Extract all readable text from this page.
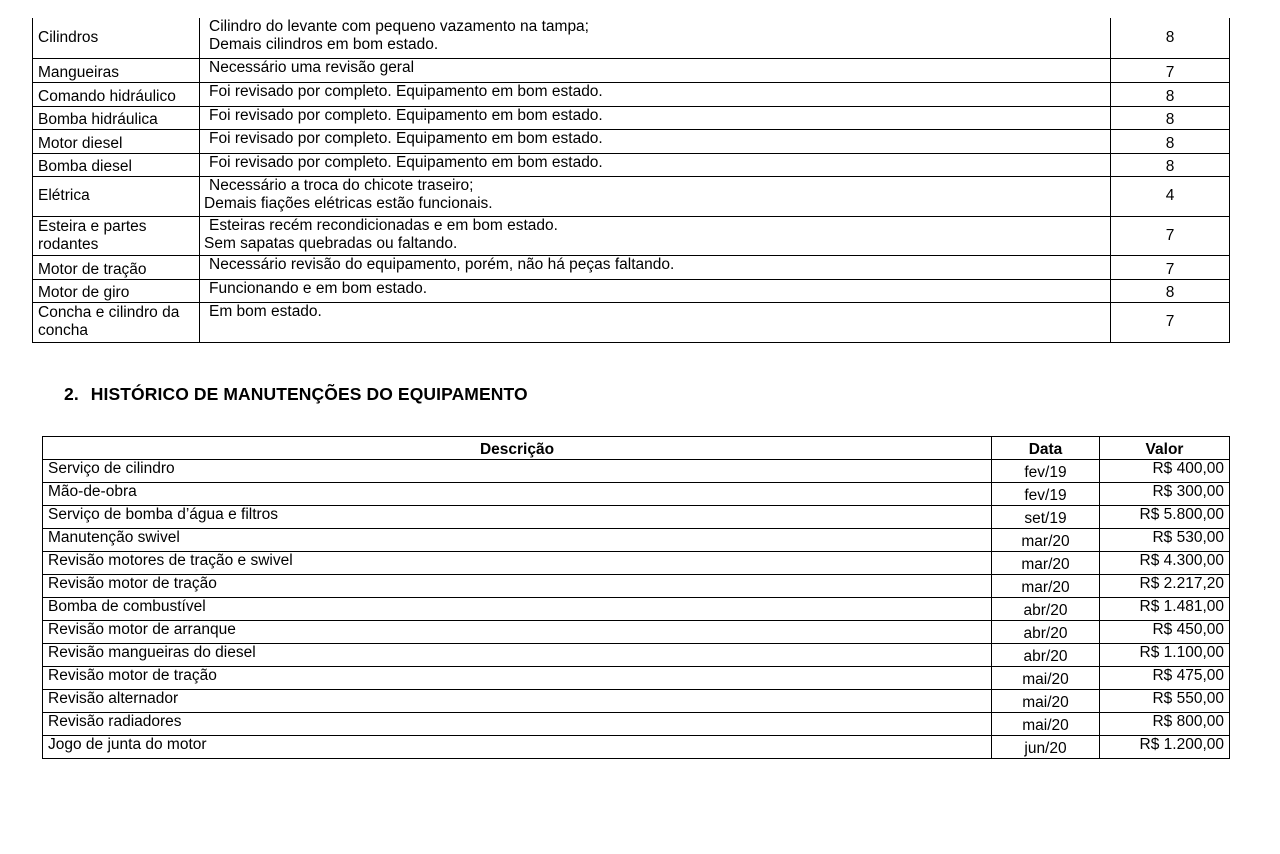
Cilindros	Cilindro do levante com pequeno vazamento na tampa;
Demais cilindros em bom estado.	8
Mangueiras	Necessário uma revisão geral	7
Comando hidráulico	Foi revisado por completo. Equipamento em bom estado.	8
Bomba hidráulica	Foi revisado por completo. Equipamento em bom estado.	8
Motor diesel	Foi revisado por completo. Equipamento em bom estado.	8
Bomba diesel	Foi revisado por completo. Equipamento em bom estado.	8
Elétrica	Necessário a troca do chicote traseiro;
Demais fiações elétricas estão funcionais.	4
Esteira e partes rodantes	Esteiras recém recondicionadas e em bom estado.
Sem sapatas quebradas ou faltando.	7
Motor de tração	Necessário revisão do equipamento, porém, não há peças faltando.	7
Motor de giro	Funcionando e em bom estado.	8
Concha e cilindro da concha	Em bom estado.	7
2. HISTÓRICO DE MANUTENÇÕES DO EQUIPAMENTO
Descrição	Data	Valor
Serviço de cilindro	fev/19	R$ 400,00
Mão-de-obra	fev/19	R$ 300,00
Serviço de bomba d’água e filtros	set/19	R$ 5.800,00
Manutenção swivel	mar/20	R$ 530,00
Revisão motores de tração e swivel	mar/20	R$ 4.300,00
Revisão motor de tração	mar/20	R$ 2.217,20
Bomba de combustível	abr/20	R$ 1.481,00
Revisão motor de arranque	abr/20	R$ 450,00
Revisão mangueiras do diesel	abr/20	R$ 1.100,00
Revisão motor de tração	mai/20	R$ 475,00
Revisão alternador	mai/20	R$ 550,00
Revisão radiadores	mai/20	R$ 800,00
Jogo de junta do motor	jun/20	R$ 1.200,00
